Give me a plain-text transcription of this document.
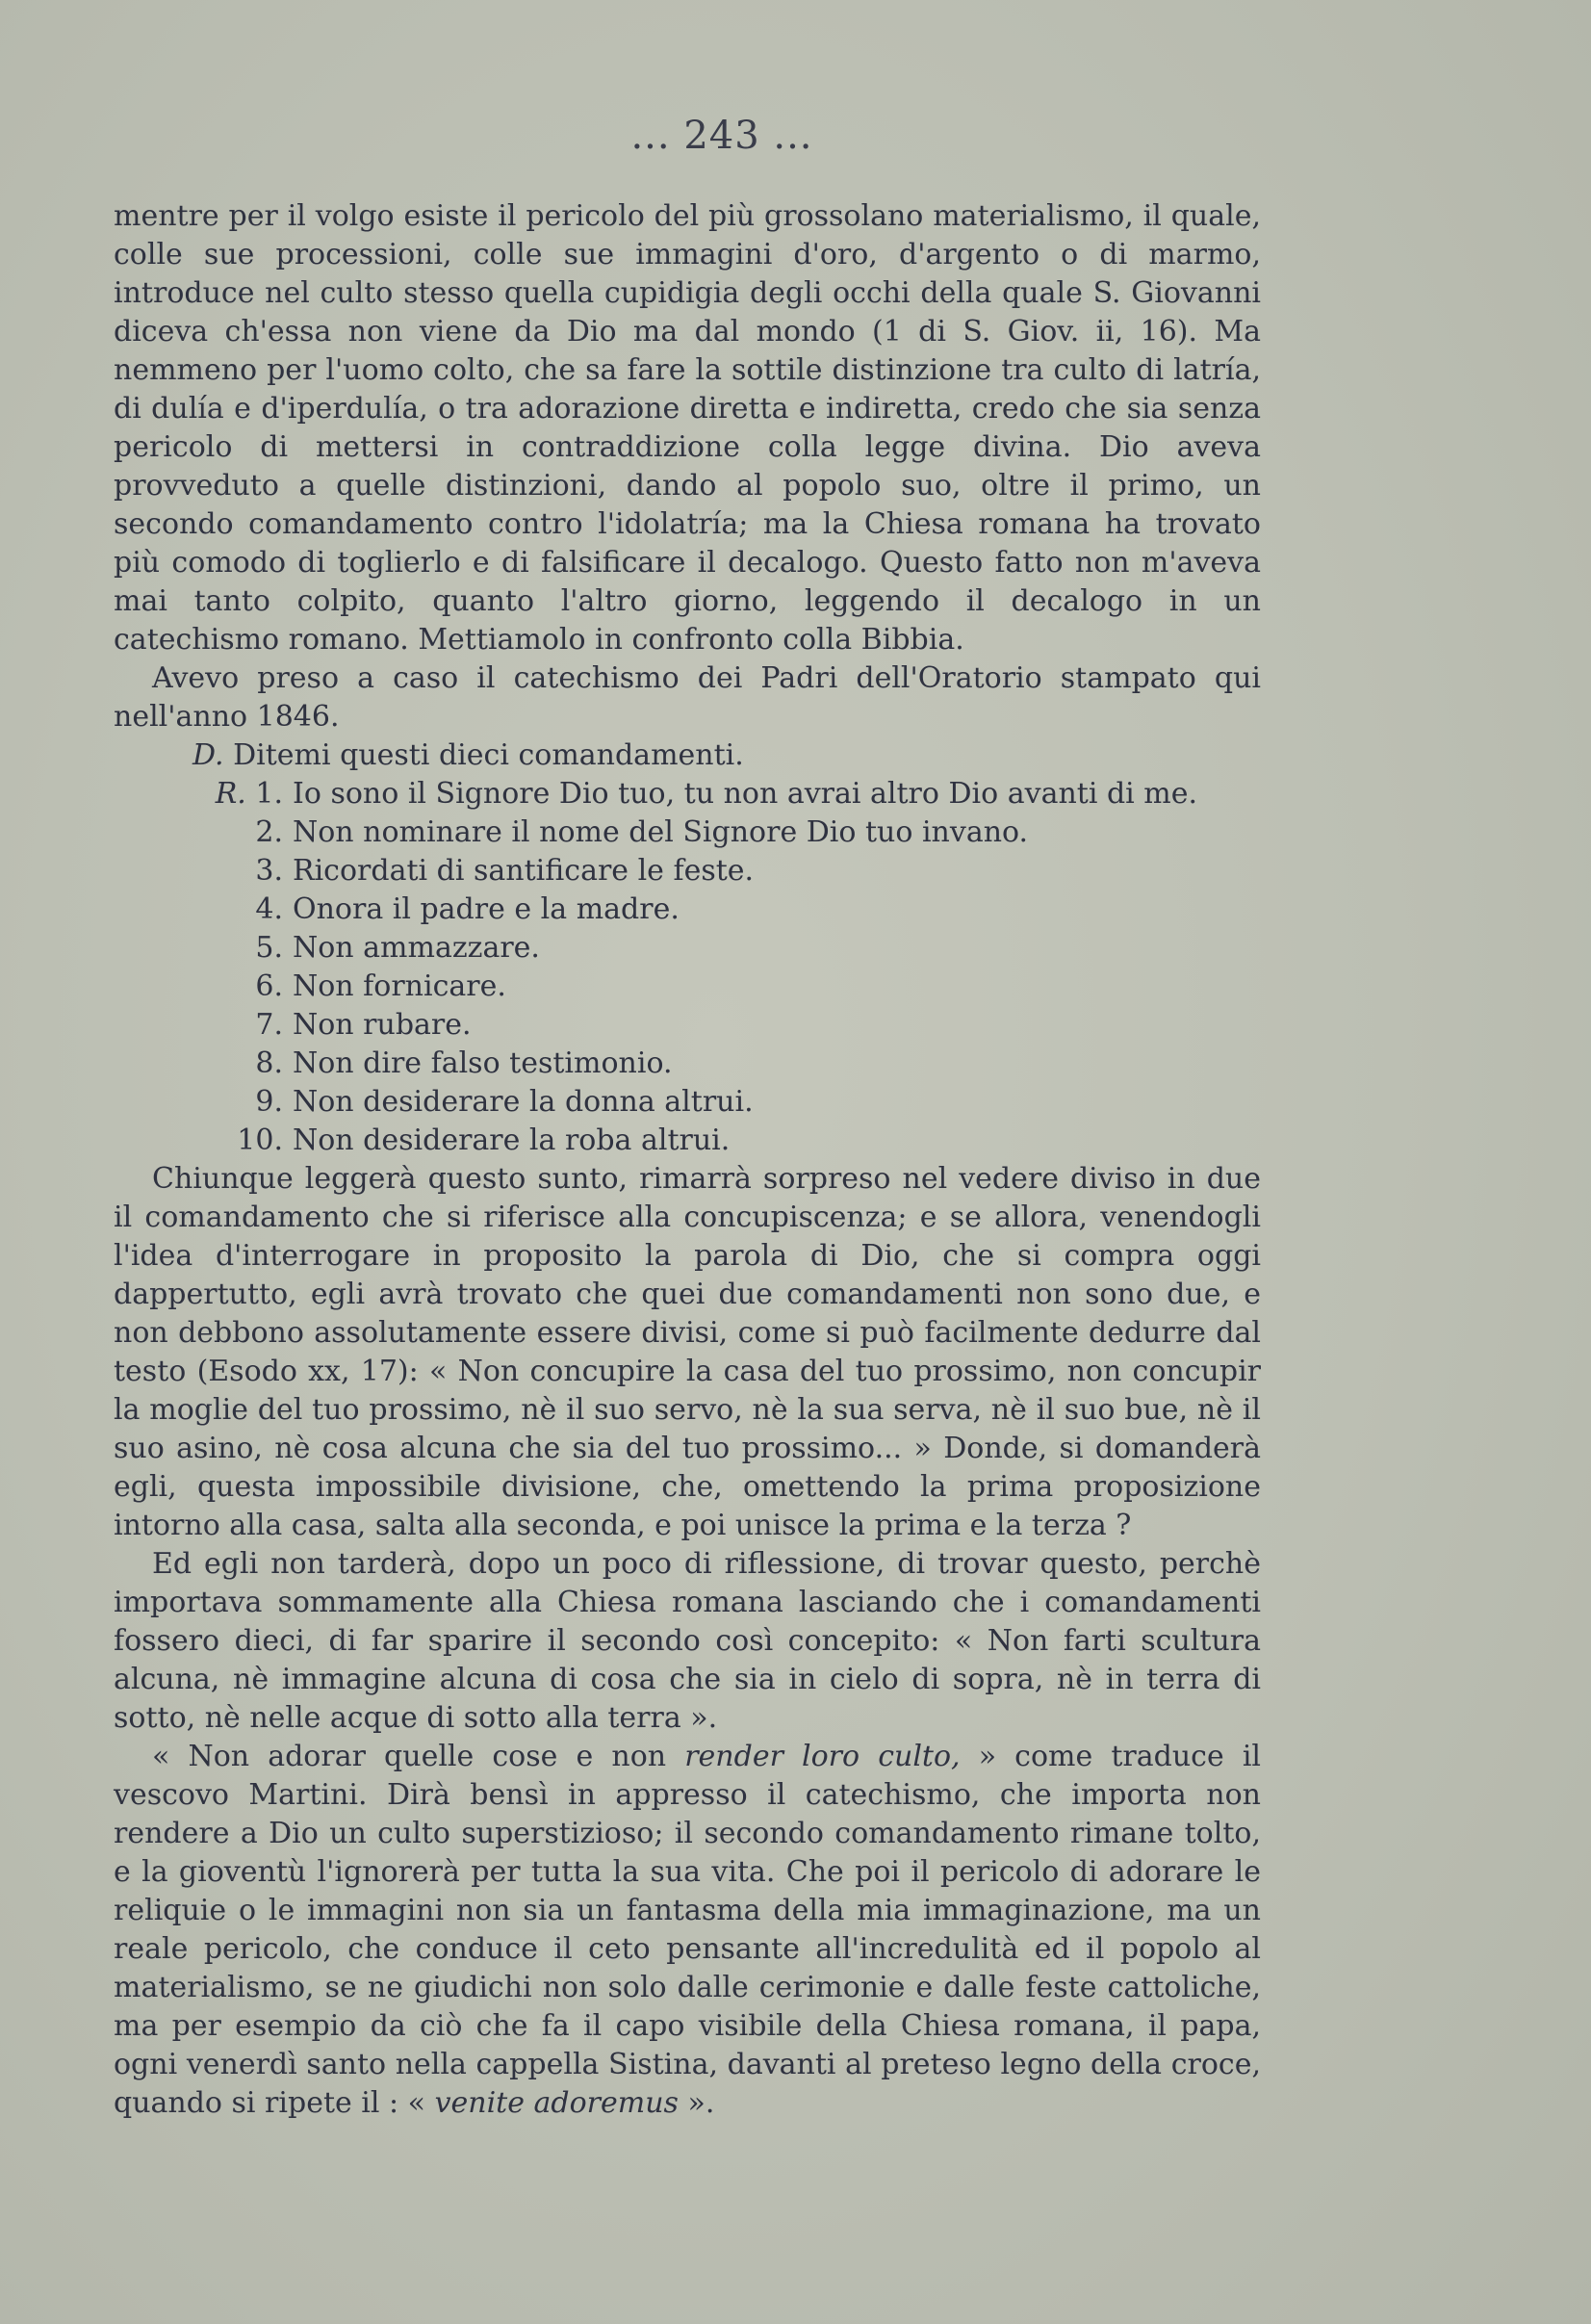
... 243 ...

mentre per il volgo esiste il pericolo del più grossolano materialismo, il quale, colle sue processioni, colle sue immagini d'oro, d'argento o di marmo, introduce nel culto stesso quella cupidigia degli occhi della quale S. Giovanni diceva ch'essa non viene da Dio ma dal mondo (1 di S. Giov. ii, 16). Ma nemmeno per l'uomo colto, che sa fare la sottile distinzione tra culto di latría, di dulía e d'iperdulía, o tra adorazione diretta e indiretta, credo che sia senza pericolo di mettersi in contraddizione colla legge divina. Dio aveva provveduto a quelle distinzioni, dando al popolo suo, oltre il primo, un secondo comandamento contro l'idolatría; ma la Chiesa romana ha trovato più comodo di toglierlo e di falsificare il decalogo. Questo fatto non m'aveva mai tanto colpito, quanto l'altro giorno, leggendo il decalogo in un catechismo romano. Mettiamolo in confronto colla Bibbia.

Avevo preso a caso il catechismo dei Padri dell'Oratorio stampato qui nell'anno 1846.

D. Ditemi questi dieci comandamenti.

R. 1. Io sono il Signore Dio tuo, tu non avrai altro Dio avanti di me.
2. Non nominare il nome del Signore Dio tuo invano.
3. Ricordati di santificare le feste.
4. Onora il padre e la madre.
5. Non ammazzare.
6. Non fornicare.
7. Non rubare.
8. Non dire falso testimonio.
9. Non desiderare la donna altrui.
10. Non desiderare la roba altrui.

Chiunque leggerà questo sunto, rimarrà sorpreso nel vedere diviso in due il comandamento che si riferisce alla concupiscenza; e se allora, venendogli l'idea d'interrogare in proposito la parola di Dio, che si compra oggi dappertutto, egli avrà trovato che quei due comandamenti non sono due, e non debbono assolutamente essere divisi, come si può facilmente dedurre dal testo (Esodo xx, 17): « Non concupire la casa del tuo prossimo, non concupir la moglie del tuo prossimo, nè il suo servo, nè la sua serva, nè il suo bue, nè il suo asino, nè cosa alcuna che sia del tuo prossimo... » Donde, si domanderà egli, questa impossibile divisione, che, omettendo la prima proposizione intorno alla casa, salta alla seconda, e poi unisce la prima e la terza ?

Ed egli non tarderà, dopo un poco di riflessione, di trovar questo, perchè importava sommamente alla Chiesa romana lasciando che i comandamenti fossero dieci, di far sparire il secondo così concepito: « Non farti scultura alcuna, nè immagine alcuna di cosa che sia in cielo di sopra, nè in terra di sotto, nè nelle acque di sotto alla terra ».

« Non adorar quelle cose e non render loro culto, » come traduce il vescovo Martini. Dirà bensì in appresso il catechismo, che importa non rendere a Dio un culto superstizioso; il secondo comandamento rimane tolto, e la gioventù l'ignorerà per tutta la sua vita. Che poi il pericolo di adorare le reliquie o le immagini non sia un fantasma della mia immaginazione, ma un reale pericolo, che conduce il ceto pensante all'incredulità ed il popolo al materialismo, se ne giudichi non solo dalle cerimonie e dalle feste cattoliche, ma per esempio da ciò che fa il capo visibile della Chiesa romana, il papa, ogni venerdì santo nella cappella Sistina, davanti al preteso legno della croce, quando si ripete il : « venite adoremus ».
